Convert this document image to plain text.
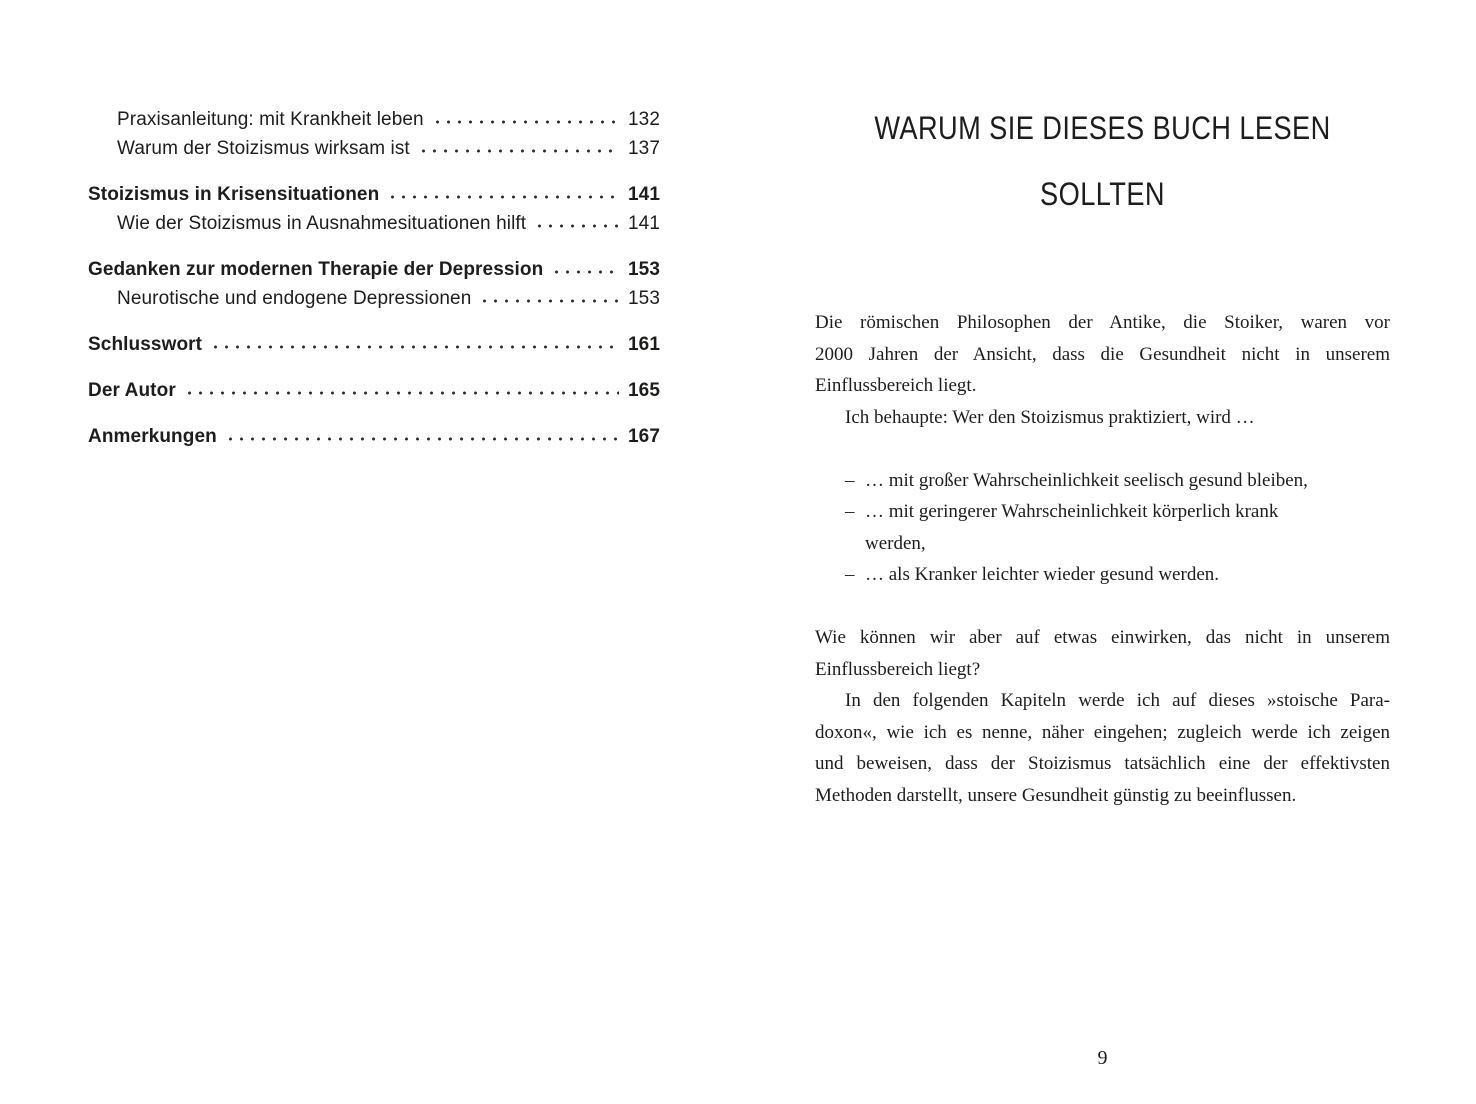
Praxisanleitung: mit Krankheit leben	132
Warum der Stoizismus wirksam ist	137
Stoizismus in Krisensituationen	141
Wie der Stoizismus in Ausnahmesituationen hilft	141
Gedanken zur modernen Therapie der Depression	153
Neurotische und endogene Depressionen	153
Schlusswort	161
Der Autor	165
Anmerkungen	167
WARUM SIE DIESES BUCH LESEN
SOLLTEN
Die römischen Philosophen der Antike, die Stoiker, waren vor
2000 Jahren der Ansicht, dass die Gesundheit nicht in unserem
Einflussbereich liegt.
Ich behaupte: Wer den Stoizismus praktiziert, wird …
– … mit großer Wahrscheinlichkeit seelisch gesund bleiben,
– … mit geringerer Wahrscheinlichkeit körperlich krank
werden,
– … als Kranker leichter wieder gesund werden.
Wie können wir aber auf etwas einwirken, das nicht in unserem
Einflussbereich liegt?
In den folgenden Kapiteln werde ich auf dieses »stoische Para-
doxon«, wie ich es nenne, näher eingehen; zugleich werde ich zeigen
und beweisen, dass der Stoizismus tatsächlich eine der effektivsten
Methoden darstellt, unsere Gesundheit günstig zu beeinflussen.
9
